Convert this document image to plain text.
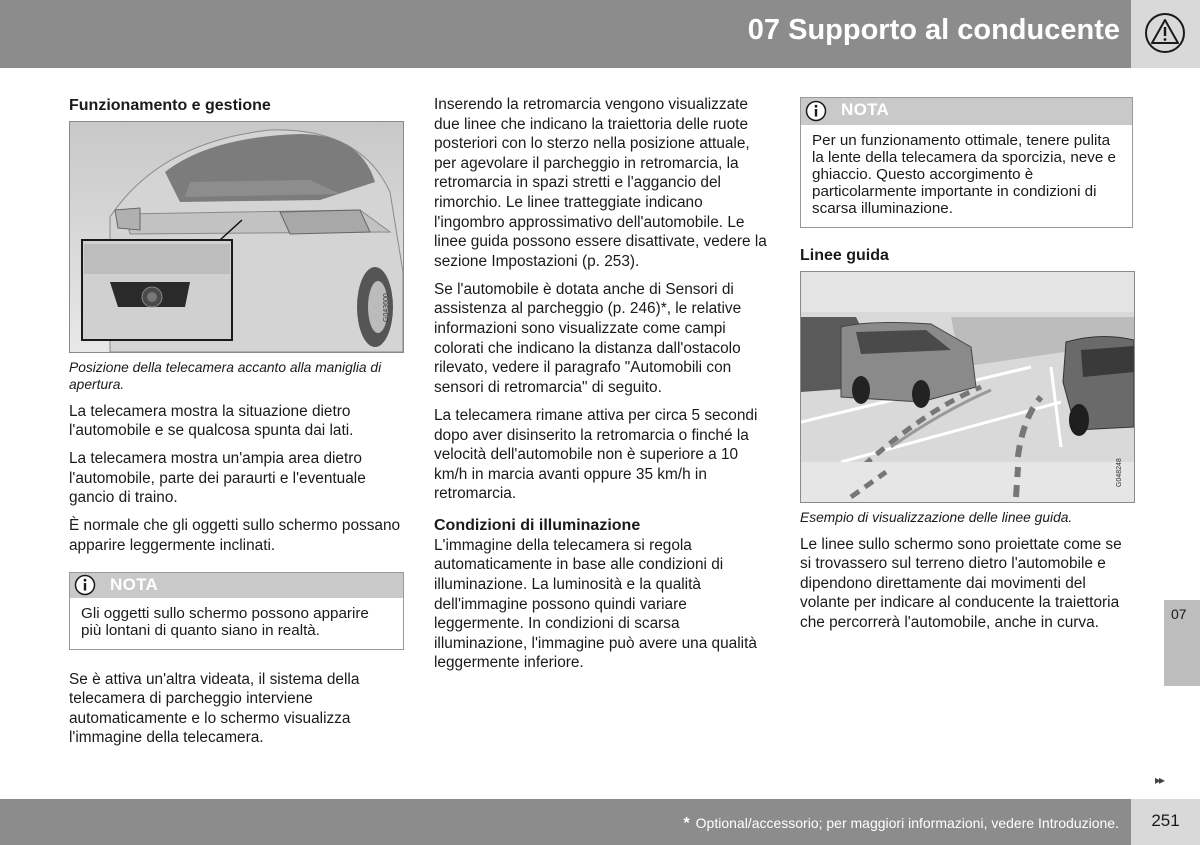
07 Supporto al conducente
Funzionamento e gestione
G043600

Posizione della telecamera accanto alla maniglia di apertura.

La telecamera mostra la situazione dietro l'automobile e se qualcosa spunta dai lati.

La telecamera mostra un'ampia area dietro l'automobile, parte dei paraurti e l'eventuale gancio di traino.

È normale che gli oggetti sullo schermo possano apparire leggermente inclinati.

NOTA
Gli oggetti sullo schermo possono apparire più lontani di quanto siano in realtà.

Se è attiva un'altra videata, il sistema della telecamera di parcheggio interviene automaticamente e lo schermo visualizza l'immagine della telecamera.

Inserendo la retromarcia vengono visualizzate due linee che indicano la traiettoria delle ruote posteriori con lo sterzo nella posizione attuale, per agevolare il parcheggio in retromarcia, la retromarcia in spazi stretti e l'aggancio del rimorchio. Le linee tratteggiate indicano l'ingombro approssimativo dell'automobile. Le linee guida possono essere disattivate, vedere la sezione Impostazioni (p. 253).

Se l'automobile è dotata anche di Sensori di assistenza al parcheggio (p. 246)*, le relative informazioni sono visualizzate come campi colorati che indicano la distanza dall'ostacolo rilevato, vedere il paragrafo "Automobili con sensori di retromarcia" di seguito.

La telecamera rimane attiva per circa 5 secondi dopo aver disinserito la retromarcia o finché la velocità dell'automobile non è superiore a 10 km/h in marcia avanti oppure 35 km/h in retromarcia.

Condizioni di illuminazione

L'immagine della telecamera si regola automaticamente in base alle condizioni di illuminazione. La luminosità e la qualità dell'immagine possono quindi variare leggermente. In condizioni di scarsa illuminazione, l'immagine può avere una qualità leggermente inferiore.

NOTA
Per un funzionamento ottimale, tenere pulita la lente della telecamera da sporcizia, neve e ghiaccio. Questo accorgimento è particolarmente importante in condizioni di scarsa illuminazione.
Linee guida
G048248

Esempio di visualizzazione delle linee guida.

Le linee sullo schermo sono proiettate come se si trovassero sul terreno dietro l'automobile e dipendono direttamente dai movimenti del volante per indicare al conducente la traiettoria che percorrerà l'automobile, anche in curva.	07
▸▸
* Optional/accessorio; per maggiori informazioni, vedere Introduzione.	251
